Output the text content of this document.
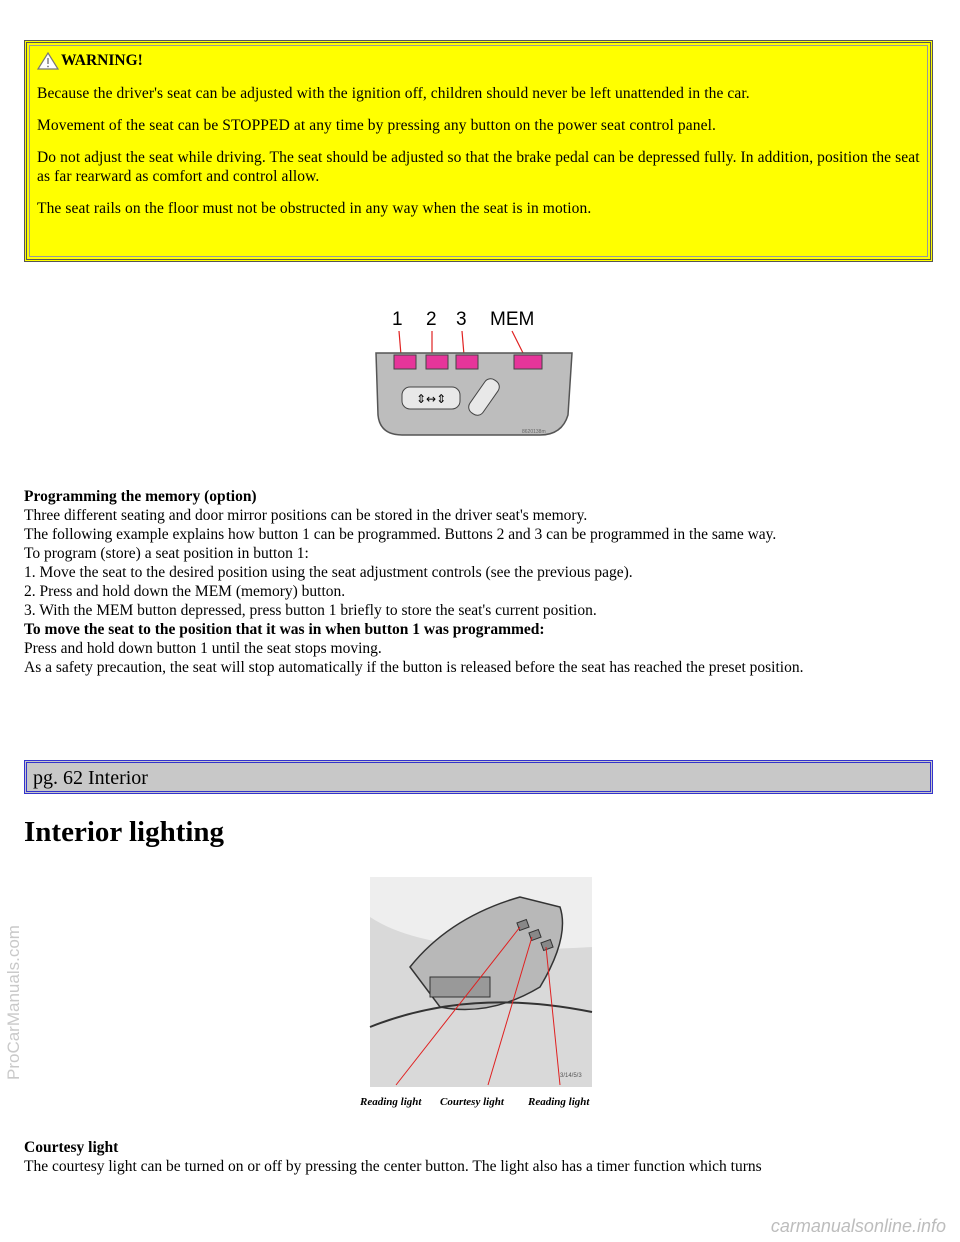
WARNING!

Because the driver's seat can be adjusted with the ignition off, children should never be left unattended in the car.

Movement of the seat can be STOPPED at any time by pressing any button on the power seat control panel.

Do not adjust the seat while driving. The seat should be adjusted so that the brake pedal can be depressed fully. In addition, position the seat as far rearward as comfort and control allow.

The seat rails on the floor must not be obstructed in any way when the seat is in motion.

1 2 3 MEM
⇕↔⇕
8620138m

Programming the memory (option)

Three different seating and door mirror positions can be stored in the driver seat's memory.

The following example explains how button 1 can be programmed. Buttons 2 and 3 can be programmed in the same way.

To program (store) a seat position in button 1:

1. Move the seat to the desired position using the seat adjustment controls (see the previous page).

2. Press and hold down the MEM (memory) button.

3. With the MEM button depressed, press button 1 briefly to store the seat's current position.

To move the seat to the position that it was in when button 1 was programmed:

Press and hold down button 1 until the seat stops moving.

As a safety precaution, the seat will stop automatically if the button is released before the seat has reached the preset position.

pg. 62 Interior
Interior lighting
3/14/5/3
Reading light Courtesy light Reading light

Courtesy light

The courtesy light can be turned on or off by pressing the center button. The light also has a timer function which turns

ProCarManuals.com
carmanualsonline.info
